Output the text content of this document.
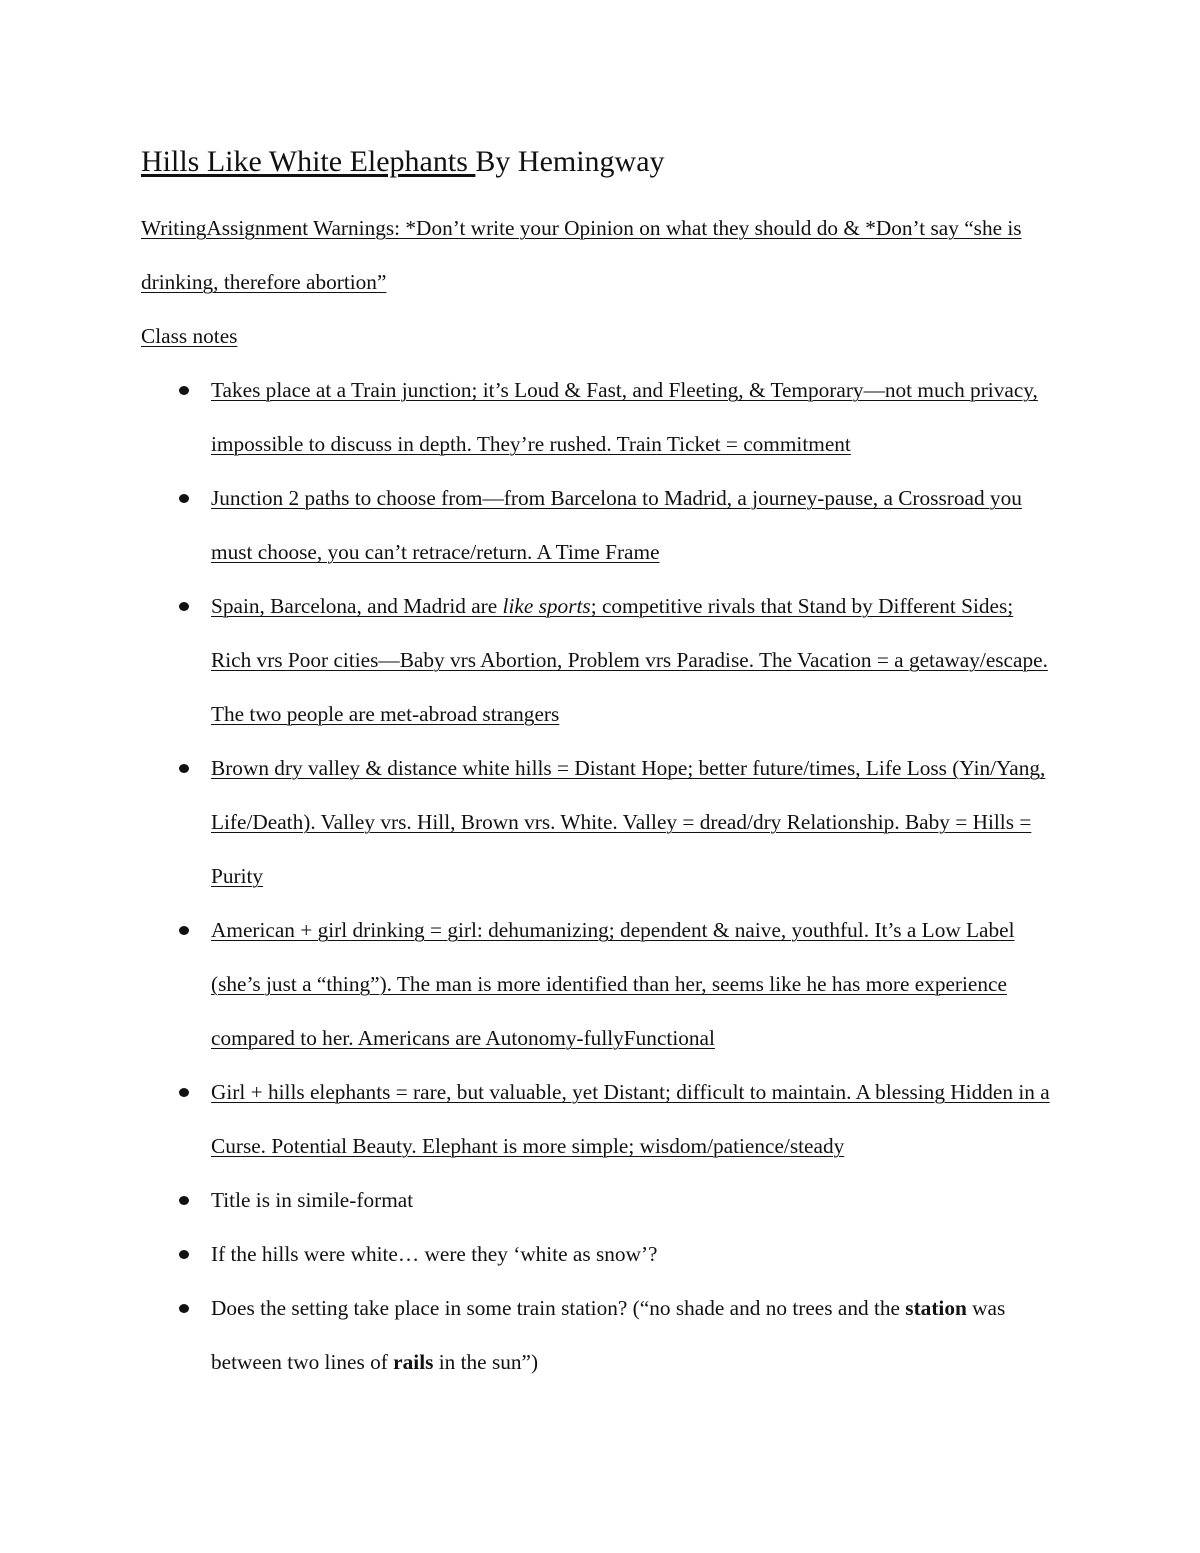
Hills Like White Elephants By Hemingway

WritingAssignment Warnings: *Don’t write your Opinion on what they should do & *Don’t say “she is drinking, therefore abortion”

Class notes

Takes place at a Train junction; it’s Loud & Fast, and Fleeting, & Temporary—not much privacy, impossible to discuss in depth. They’re rushed. Train Ticket = commitment
Junction 2 paths to choose from—from Barcelona to Madrid, a journey-pause, a Crossroad you must choose, you can’t retrace/return. A Time Frame
Spain, Barcelona, and Madrid are like sports; competitive rivals that Stand by Different Sides; Rich vrs Poor cities—Baby vrs Abortion, Problem vrs Paradise. The Vacation = a getaway/escape. The two people are met-abroad strangers
Brown dry valley & distance white hills = Distant Hope; better future/times, Life Loss (Yin/Yang, Life/Death). Valley vrs. Hill, Brown vrs. White. Valley = dread/dry Relationship. Baby = Hills = Purity
American + girl drinking = girl: dehumanizing; dependent & naive, youthful. It’s a Low Label (she’s just a “thing”). The man is more identified than her, seems like he has more experience compared to her. Americans are Autonomy-fullyFunctional
Girl + hills elephants = rare, but valuable, yet Distant; difficult to maintain. A blessing Hidden in a Curse. Potential Beauty. Elephant is more simple; wisdom/patience/steady
Title is in simile-format
If the hills were white… were they ‘white as snow’?
Does the setting take place in some train station? (“no shade and no trees and the station was between two lines of rails in the sun”)
